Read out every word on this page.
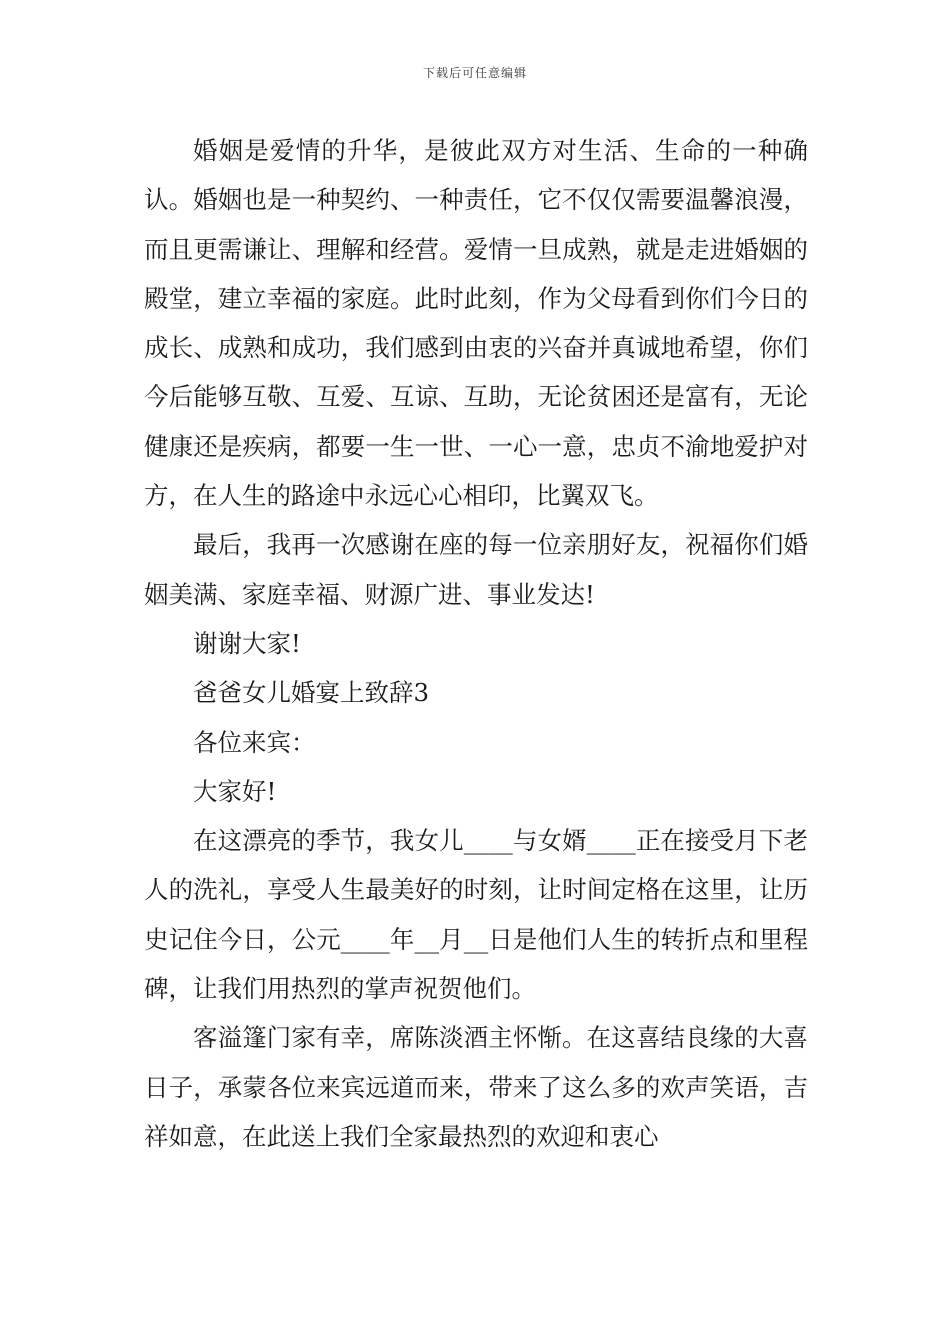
下载后可任意编辑

婚姻是爱情的升华，是彼此双方对生活、生命的一种确认。婚姻也是一种契约、一种责任，它不仅仅需要温馨浪漫，而且更需谦让、理解和经营。爱情一旦成熟，就是走进婚姻的殿堂，建立幸福的家庭。此时此刻，作为父母看到你们今日的成长、成熟和成功，我们感到由衷的兴奋并真诚地希望，你们今后能够互敬、互爱、互谅、互助，无论贫困还是富有，无论健康还是疾病，都要一生一世、一心一意，忠贞不渝地爱护对方，在人生的路途中永远心心相印，比翼双飞。

最后，我再一次感谢在座的每一位亲朋好友，祝福你们婚姻美满、家庭幸福、财源广进、事业发达!

谢谢大家!

爸爸女儿婚宴上致辞3

各位来宾：

大家好!

在这漂亮的季节，我女儿____与女婿____正在接受月下老人的洗礼，享受人生最美好的时刻，让时间定格在这里，让历史记住今日，公元____年__月__日是他们人生的转折点和里程碑，让我们用热烈的掌声祝贺他们。

客溢篷门家有幸，席陈淡酒主怀惭。在这喜结良缘的大喜日子，承蒙各位来宾远道而来，带来了这么多的欢声笑语，吉祥如意，在此送上我们全家最热烈的欢迎和衷心
